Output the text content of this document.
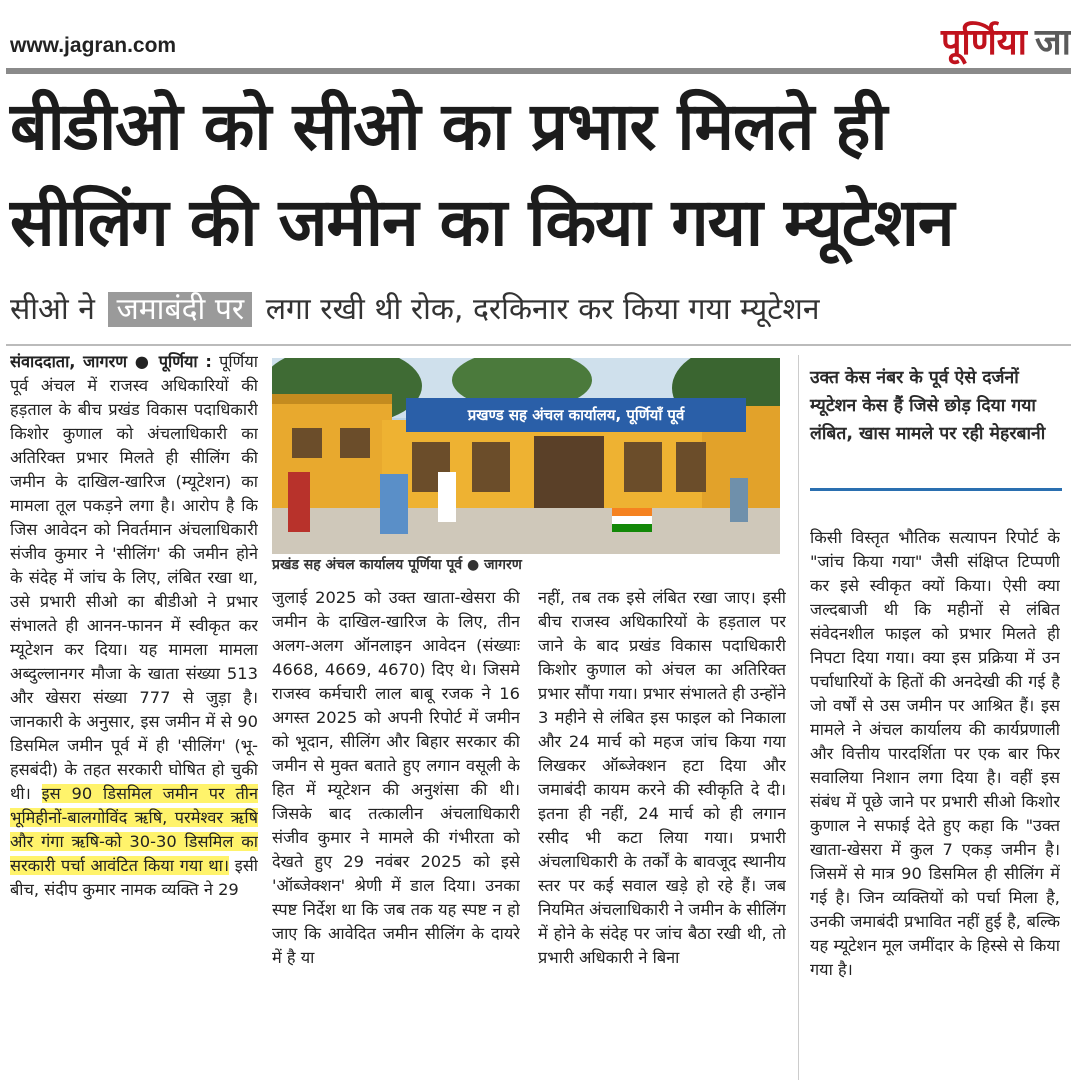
www.jagran.com	पूर्णिया जा
बीडीओ को सीओ का प्रभार मिलते ही
सीलिंग की जमीन का किया गया म्यूटेशन
सीओ ने जमाबंदी पर लगा रखी थी रोक, दरकिनार कर किया गया म्यूटेशन
संवाददाता, जागरण ● पूर्णिया : पूर्णिया पूर्व अंचल में राजस्व अधिकारियों की हड़ताल के बीच प्रखंड विकास पदाधिकारी किशोर कुणाल को अंचलाधिकारी का अतिरिक्त प्रभार मिलते ही सीलिंग की जमीन के दाखिल-खारिज (म्यूटेशन) का मामला तूल पकड़ने लगा है। आरोप है कि जिस आवेदन को निवर्तमान अंचलाधिकारी संजीव कुमार ने 'सीलिंग' की जमीन होने के संदेह में जांच के लिए, लंबित रखा था, उसे प्रभारी सीओ का बीडीओ ने प्रभार संभालते ही आनन-फानन में स्वीकृत कर म्यूटेशन कर दिया। यह मामला मामला अब्दुल्लानगर मौजा के खाता संख्या 513 और खेसरा संख्या 777 से जुड़ा है। जानकारी के अनुसार, इस जमीन में से 90 डिसमिल जमीन पूर्व में ही 'सीलिंग' (भू-हसबंदी) के तहत सरकारी घोषित हो चुकी थी। इस 90 डिसमिल जमीन पर तीन भूमिहीनों-बालगोविंद ऋषि, परमेश्वर ऋषि और गंगा ऋषि-को 30-30 डिसमिल का सरकारी पर्चा आवंटित किया गया था। इसी बीच, संदीप कुमार नामक व्यक्ति ने 29
प्रखण्ड सह अंचल कार्यालय, पूर्णियाँ पूर्व
प्रखंड सह अंचल कार्यालय पूर्णिया पूर्व ● जागरण
जुलाई 2025 को उक्त खाता-खेसरा की जमीन के दाखिल-खारिज के लिए, तीन अलग-अलग ऑनलाइन आवेदन (संख्याः 4668, 4669, 4670) दिए थे। जिसमे राजस्व कर्मचारी लाल बाबू रजक ने 16 अगस्त 2025 को अपनी रिपोर्ट में जमीन को भूदान, सीलिंग और बिहार सरकार की जमीन से मुक्त बताते हुए लगान वसूली के हित में म्यूटेशन की अनुशंसा की थी। जिसके बाद तत्कालीन अंचलाधिकारी संजीव कुमार ने मामले की गंभीरता को देखते हुए 29 नवंबर 2025 को इसे 'ऑब्जेक्शन' श्रेणी में डाल दिया। उनका स्पष्ट निर्देश था कि जब तक यह स्पष्ट न हो जाए कि आवेदित जमीन सीलिंग के दायरे में है या
नहीं, तब तक इसे लंबित रखा जाए। इसी बीच राजस्व अधिकारियों के हड़ताल पर जाने के बाद प्रखंड विकास पदाधिकारी किशोर कुणाल को अंचल का अतिरिक्त प्रभार सौंपा गया। प्रभार संभालते ही उन्होंने 3 महीने से लंबित इस फाइल को निकाला और 24 मार्च को महज जांच किया गया लिखकर ऑब्जेक्शन हटा दिया और जमाबंदी कायम करने की स्वीकृति दे दी। इतना ही नहीं, 24 मार्च को ही लगान रसीद भी कटा लिया गया। प्रभारी अंचलाधिकारी के तर्कों के बावजूद स्थानीय स्तर पर कई सवाल खड़े हो रहे हैं। जब नियमित अंचलाधिकारी ने जमीन के सीलिंग में होने के संदेह पर जांच बैठा रखी थी, तो प्रभारी अधिकारी ने बिना
उक्त केस नंबर के पूर्व ऐसे दर्जनों म्यूटेशन केस हैं जिसे छोड़ दिया गया लंबित, खास मामले पर रही मेहरबानी
किसी विस्तृत भौतिक सत्यापन रिपोर्ट के "जांच किया गया" जैसी संक्षिप्त टिप्पणी कर इसे स्वीकृत क्यों किया। ऐसी क्या जल्दबाजी थी कि महीनों से लंबित संवेदनशील फाइल को प्रभार मिलते ही निपटा दिया गया। क्या इस प्रक्रिया में उन पर्चाधारियों के हितों की अनदेखी की गई है जो वर्षों से उस जमीन पर आश्रित हैं। इस मामले ने अंचल कार्यालय की कार्यप्रणाली और वित्तीय पारदर्शिता पर एक बार फिर सवालिया निशान लगा दिया है। वहीं इस संबंध में पूछे जाने पर प्रभारी सीओ किशोर कुणाल ने सफाई देते हुए कहा कि "उक्त खाता-खेसरा में कुल 7 एकड़ जमीन है।जिसमें से मात्र 90 डिसमिल ही सीलिंग में गई है। जिन व्यक्तियों को पर्चा मिला है, उनकी जमाबंदी प्रभावित नहीं हुई है, बल्कि यह म्यूटेशन मूल जमींदार के हिस्से से किया गया है।
